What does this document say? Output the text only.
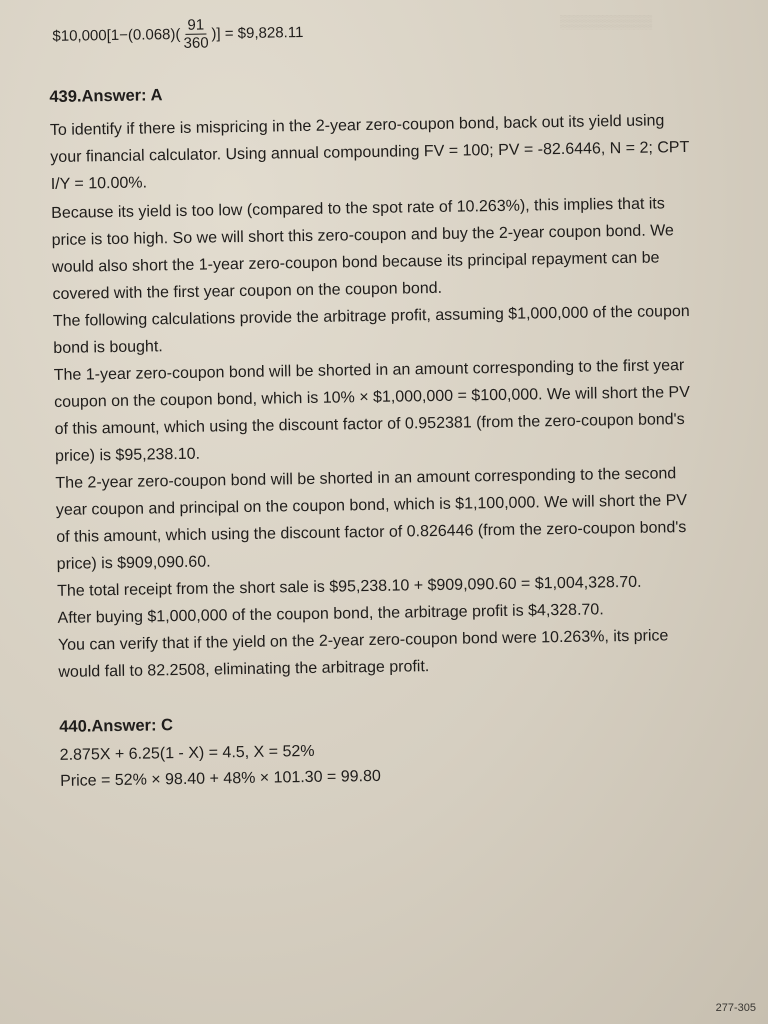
▒▒▒▒▒▒▒▒▒▒
$10,000[1−(0.068)( $\frac{91}{360}$ )] = $9,828.11
439.Answer: A

To identify if there is mispricing in the 2-year zero-coupon bond, back out its yield using

your financial calculator. Using annual compounding FV = 100; PV = -82.6446, N = 2; CPT

I/Y = 10.00%.

Because its yield is too low (compared to the spot rate of 10.263%), this implies that its

price is too high. So we will short this zero-coupon and buy the 2-year coupon bond. We

would also short the 1-year zero-coupon bond because its principal repayment can be

covered with the first year coupon on the coupon bond.

The following calculations provide the arbitrage profit, assuming $1,000,000 of the coupon

bond is bought.

The 1-year zero-coupon bond will be shorted in an amount corresponding to the first year

coupon on the coupon bond, which is 10% × $1,000,000 = $100,000. We will short the PV

of this amount, which using the discount factor of 0.952381 (from the zero-coupon bond's

price) is $95,238.10.

The 2-year zero-coupon bond will be shorted in an amount corresponding to the second

year coupon and principal on the coupon bond, which is $1,100,000. We will short the PV

of this amount, which using the discount factor of 0.826446 (from the zero-coupon bond's

price) is $909,090.60.

The total receipt from the short sale is $95,238.10 + $909,090.60 = $1,004,328.70.

After buying $1,000,000 of the coupon bond, the arbitrage profit is $4,328.70.

You can verify that if the yield on the 2-year zero-coupon bond were 10.263%, its price

would fall to 82.2508, eliminating the arbitrage profit.

440.Answer: C

2.875X + 6.25(1 - X) = 4.5, X = 52%

Price = 52% × 98.40 + 48% × 101.30 = 99.80

277-305
